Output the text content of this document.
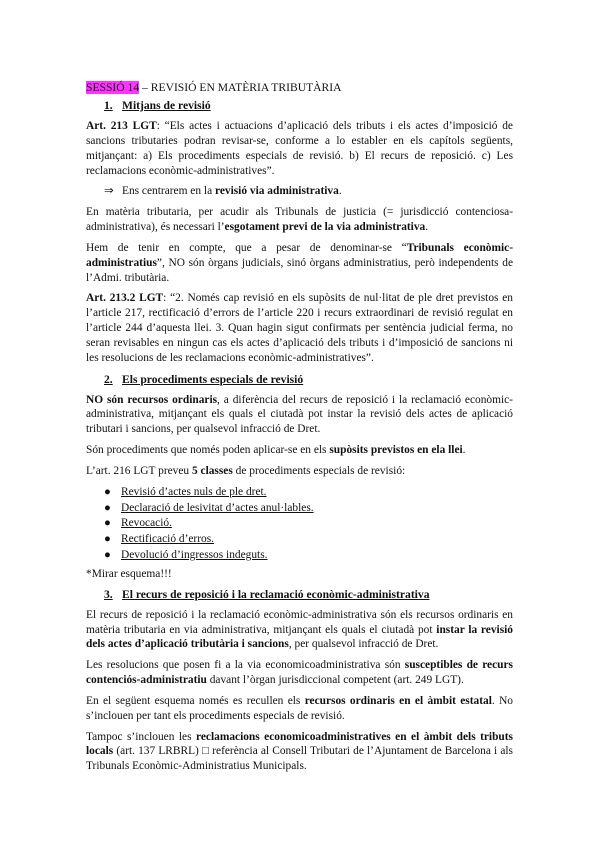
SESSIÓ 14 – REVISIÓ EN MATÈRIA TRIBUTÀRIA
1. Mitjans de revisió

Art. 213 LGT: “Els actes i actuacions d’aplicació dels tributs i els actes d’imposició de sancions tributaries podran revisar-se, conforme a lo establer en els capítols següents, mitjançant: a) Els procediments especials de revisió. b) El recurs de reposició. c) Les reclamacions econòmic-administratives”.

⇒ Ens centrarem en la revisió via administrativa.

En matèria tributaria, per acudir als Tribunals de justicia (= jurisdicció contenciosa-administrativa), és necessari l’esgotament previ de la via administrativa.

Hem de tenir en compte, que a pesar de denominar-se “Tribunals econòmic-administratius”, NO són òrgans judicials, sinó òrgans administratius, però independents de l’Admi. tributària.

Art. 213.2 LGT: “2. Només cap revisió en els supòsits de nul·litat de ple dret previstos en l’article 217, rectificació d’errors de l’article 220 i recurs extraordinari de revisió regulat en l’article 244 d’aquesta llei. 3. Quan hagin sigut confirmats per sentència judicial ferma, no seran revisables en ningun cas els actes d’aplicació dels tributs i d’imposició de sancions ni les resolucions de les reclamacions econòmic-administratives”.

2. Els procediments especials de revisió

NO són recursos ordinaris, a diferència del recurs de reposició i la reclamació econòmic-administrativa, mitjançant els quals el ciutadà pot instar la revisió dels actes de aplicació tributari i sancions, per qualsevol infracció de Dret.

Són procediments que només poden aplicar-se en els supòsits previstos en ela llei.

L’art. 216 LGT preveu 5 classes de procediments especials de revisió:

● Revisió d’actes nuls de ple dret.
● Declaració de lesivitat d’actes anul·lables.
● Revocació.
● Rectificació d’erros.
● Devolució d’ingressos indeguts.
*Mirar esquema!!!
3. El recurs de reposició i la reclamació econòmic-administrativa

El recurs de reposició i la reclamació econòmic-administrativa són els recursos ordinaris en matèria tributaria en via administrativa, mitjançant els quals el ciutadà pot instar la revisió dels actes d’aplicació tributària i sancions, per qualsevol infracció de Dret.

Les resolucions que posen fi a la via economicoadministrativa són susceptibles de recurs contenciós-administratiu davant l’òrgan jurisdiccional competent (art. 249 LGT).

En el següent esquema només es recullen els recursos ordinaris en el àmbit estatal. No s’inclouen per tant els procediments especials de revisió.

Tampoc s’inclouen les reclamacions economicoadministratives en el àmbit dels tributs locals (art. 137 LRBRL) □ referència al Consell Tributari de l’Ajuntament de Barcelona i als Tribunals Econòmic-Administratius Municipals.
